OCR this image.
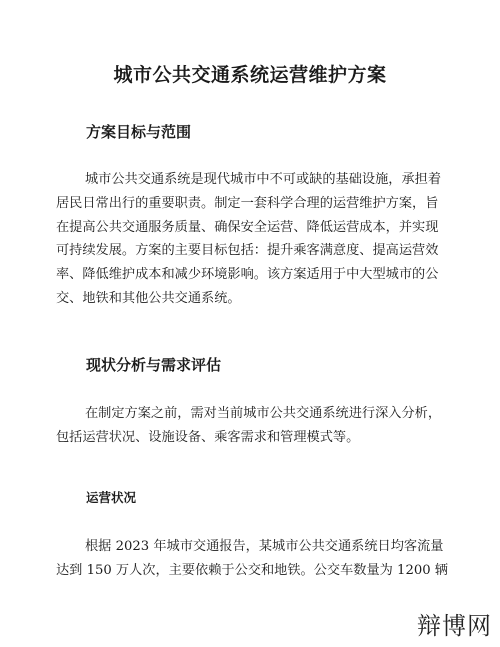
城市公共交通系统运营维护方案
方案目标与范围
城市公共交通系统是现代城市中不可或缺的基础设施，承担着
居民日常出行的重要职责。制定一套科学合理的运营维护方案，旨
在提高公共交通服务质量、确保安全运营、降低运营成本，并实现
可持续发展。方案的主要目标包括：提升乘客满意度、提高运营效
率、降低维护成本和减少环境影响。该方案适用于中大型城市的公
交、地铁和其他公共交通系统。
现状分析与需求评估
在制定方案之前，需对当前城市公共交通系统进行深入分析，
包括运营状况、设施设备、乘客需求和管理模式等。
运营状况
根据 2023 年城市交通报告，某城市公共交通系统日均客流量
达到 150 万人次，主要依赖于公交和地铁。公交车数量为 1200 辆
辩博网
